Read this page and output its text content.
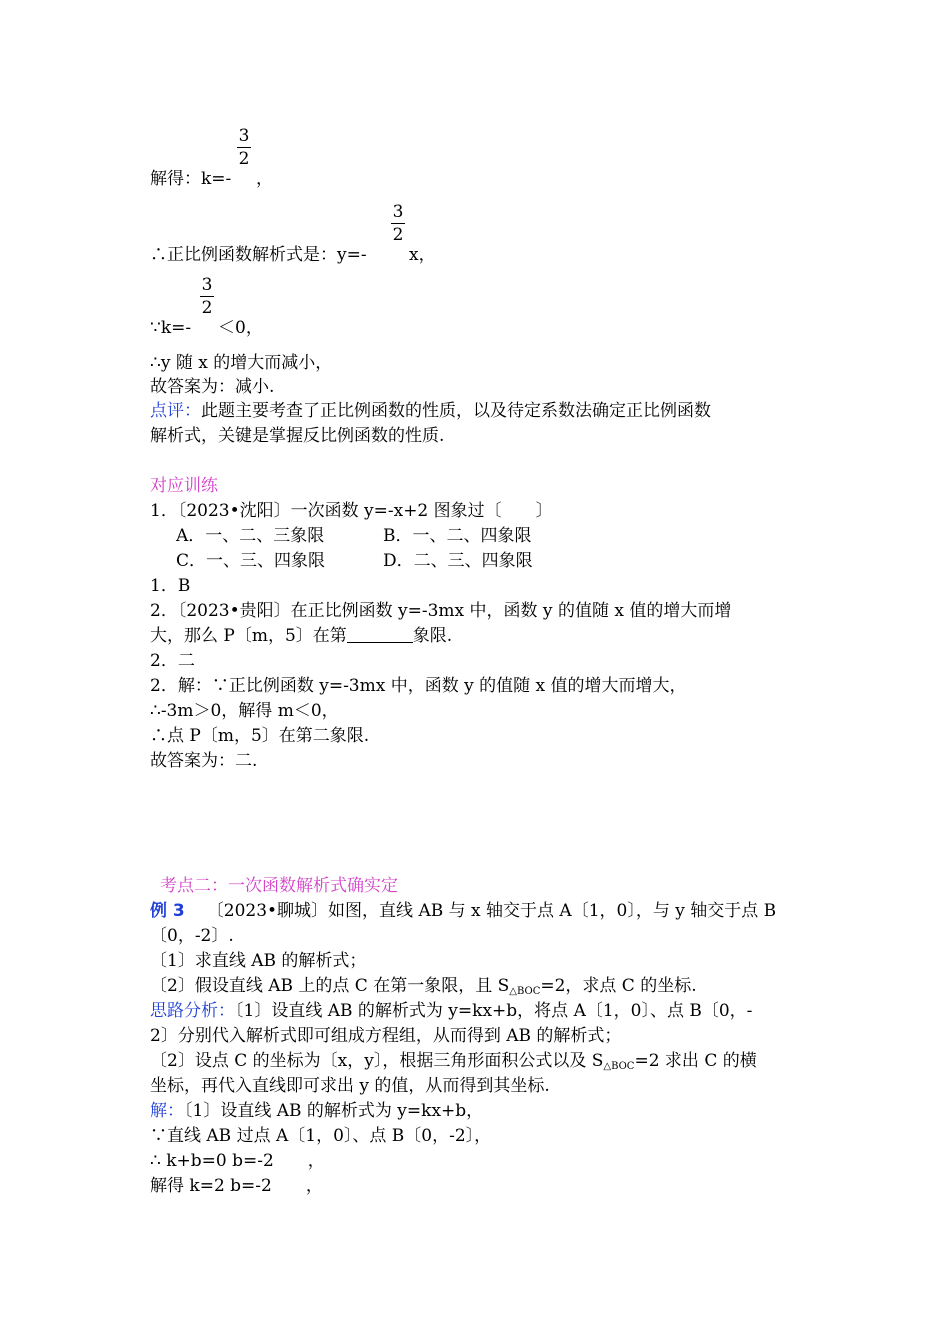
解得：k=-
$\frac{3}{2}$
，
∴正比例函数解析式是：y=-
$\frac{3}{2}$
x，
∵k=-
$\frac{3}{2}$
＜0，
∴y 随 x 的增大而减小，
故答案为：减小.
点评：此题主要考查了正比例函数的性质，以及待定系数法确定正比例函数
解析式，关键是掌握反比例函数的性质.
对应训练
1．〔2023•沈阳〕一次函数 y=-x+2 图象过〔　　〕
A．一、二、三象限	B．一、二、四象限
C．一、三、四象限	D．二、三、四象限
1．B
2．〔2023•贵阳〕在正比例函数 y=-3mx 中，函数 y 的值随 x 值的增大而增
大，那么 P〔m，5〕在第	象限.
2．二
2．解：∵正比例函数 y=-3mx 中，函数 y 的值随 x 值的增大而增大，
∴-3m＞0，解得 m＜0，
∴点 P〔m，5〕在第二象限.
故答案为：二.
考点二：一次函数解析式确实定
例 3 〔2023•聊城〕如图，直线 AB 与 x 轴交于点 A〔1，0〕，与 y 轴交于点 B
〔0，-2〕.
〔1〕求直线 AB 的解析式；
〔2〕假设直线 AB 上的点 C 在第一象限，且 $S_{\triangle BOC}=2$，求点 C 的坐标.
思路分析：〔1〕设直线 AB 的解析式为 y=kx+b，将点 A〔1，0〕、点 B〔0，-
2〕分别代入解析式即可组成方程组，从而得到 AB 的解析式；
〔2〕设点 C 的坐标为〔x，y〕，根据三角形面积公式以及 $S_{\triangle BOC}=2$ 求出 C 的横
坐标，再代入直线即可求出 y 的值，从而得到其坐标.
解：〔1〕设直线 AB 的解析式为 y=kx+b，
∵直线 AB 过点 A〔1，0〕、点 B〔0，-2〕，
∴ k+b=0 b=-2　　，
解得 k=2 b=-2　　，
